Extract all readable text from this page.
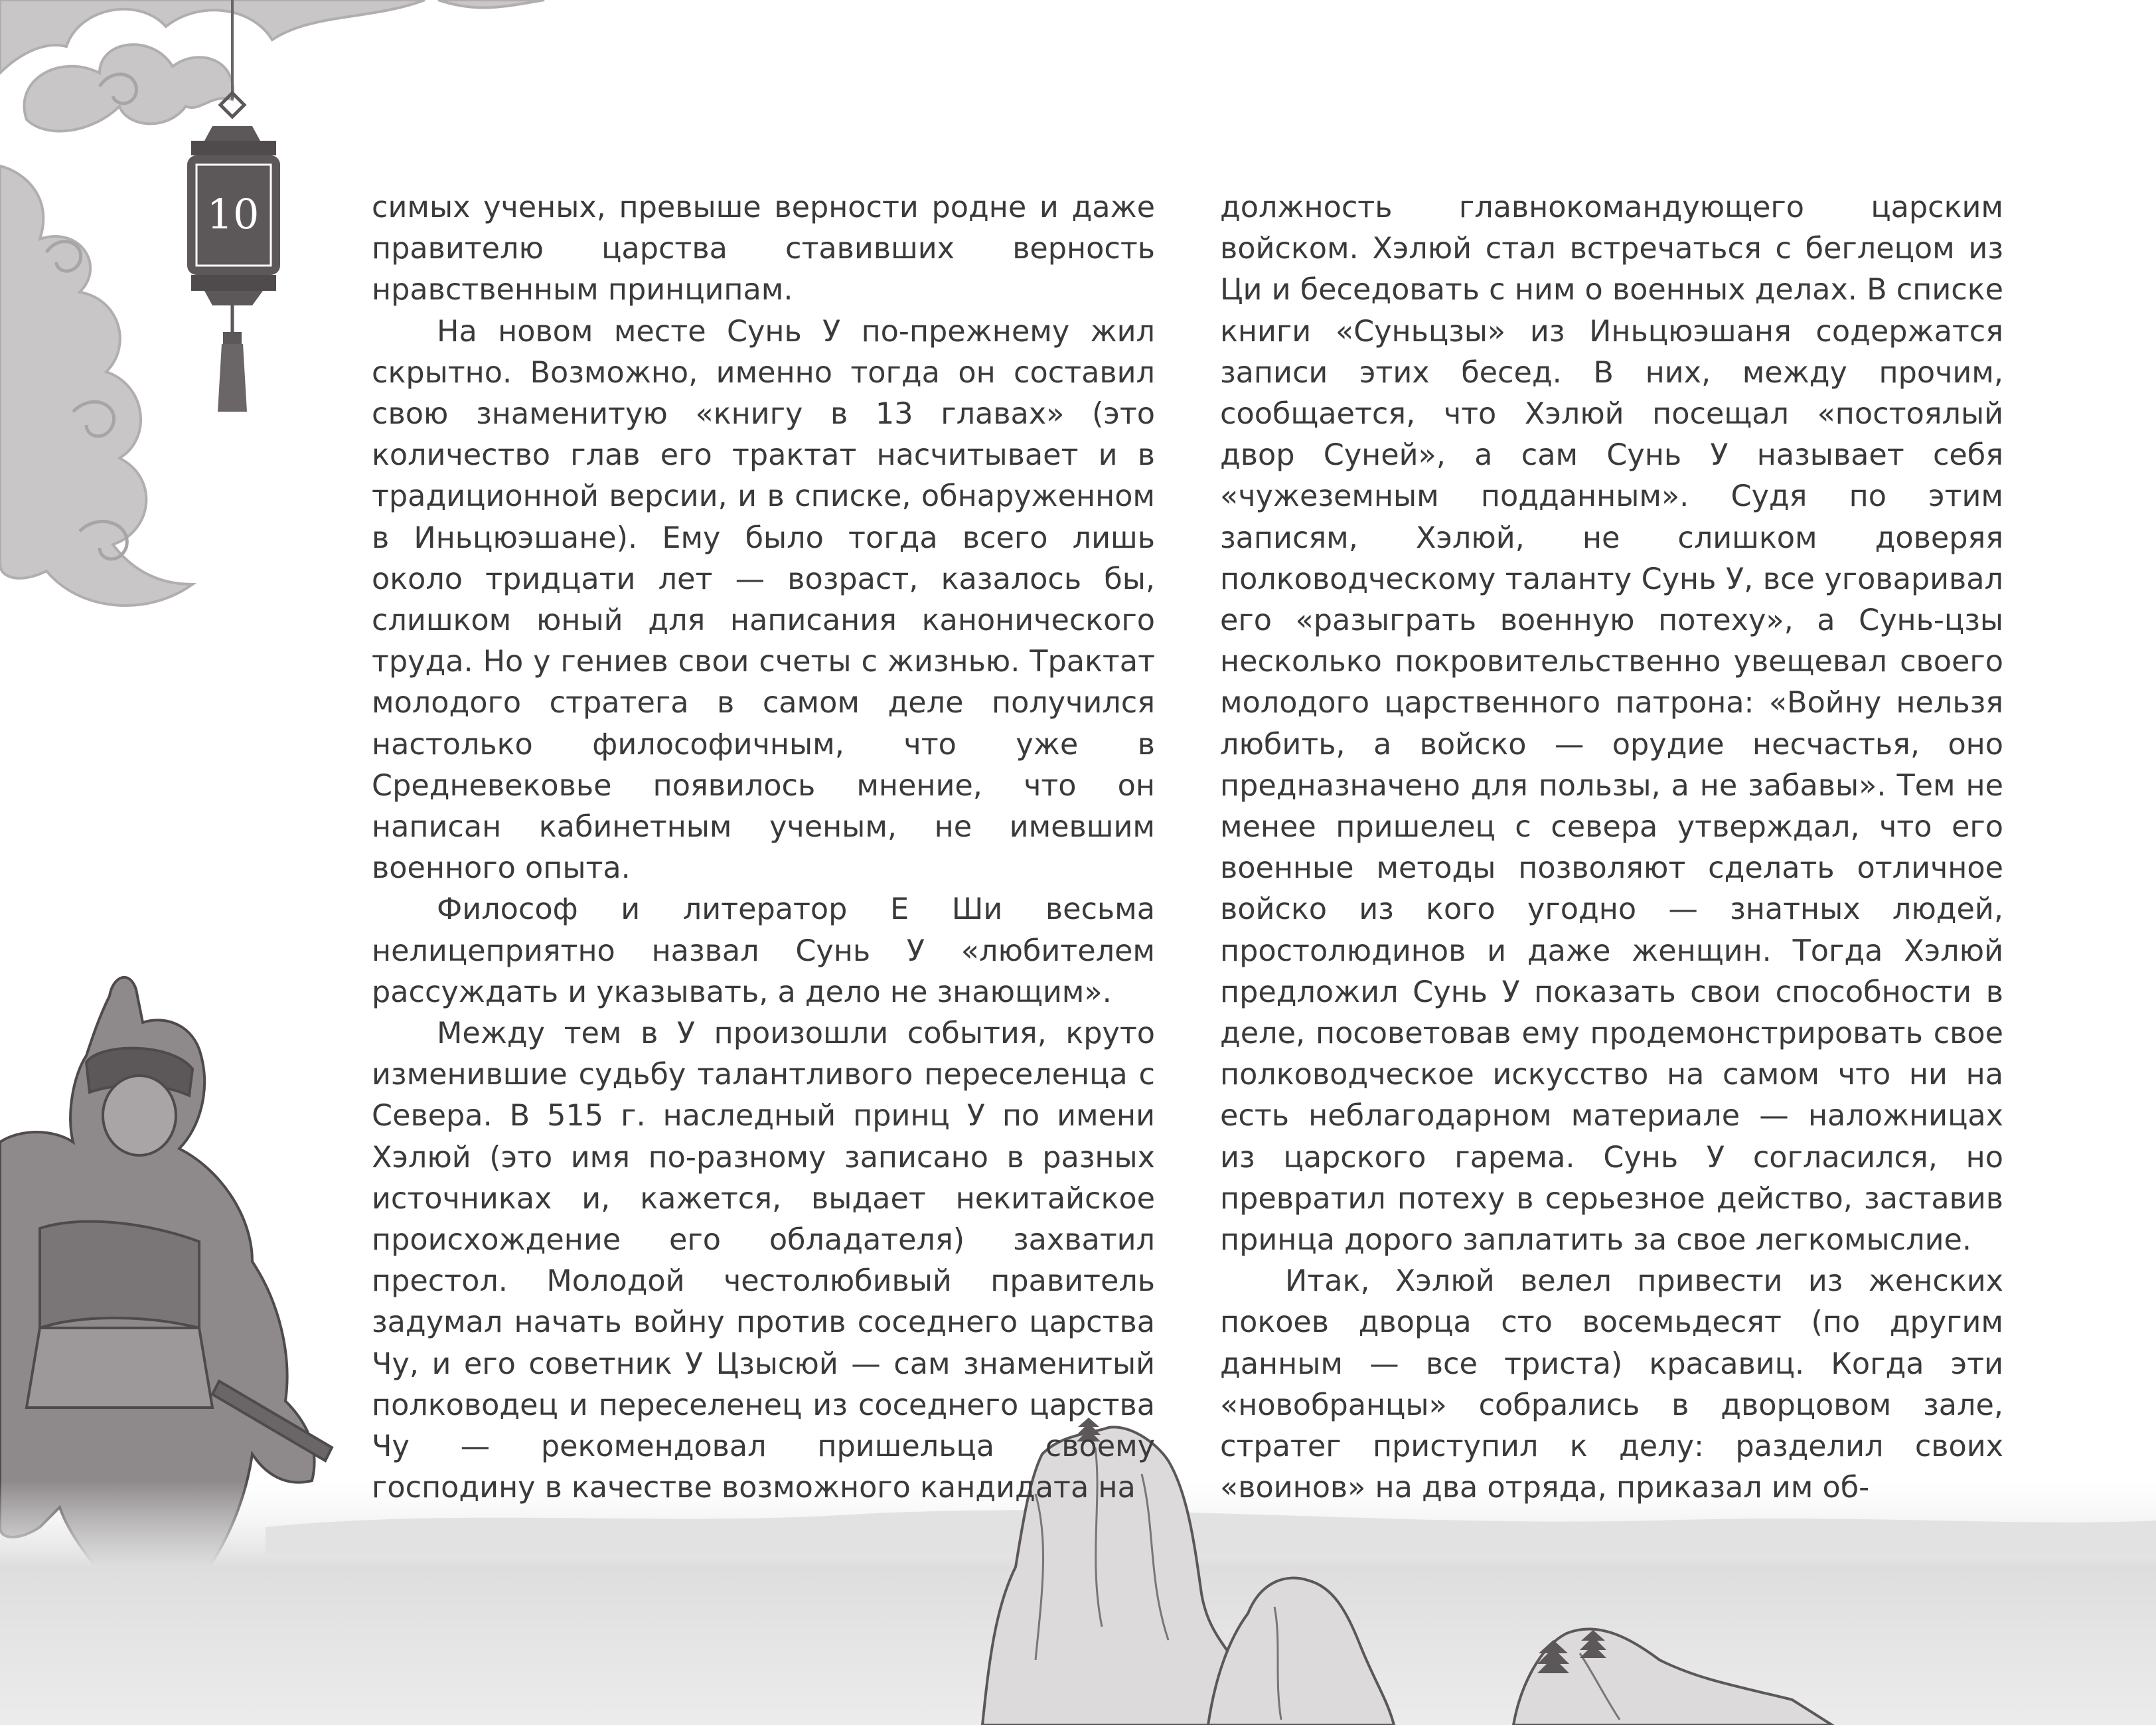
10	симых ученых, превыше верности родне и даже правителю царства ставивших верность нравственным принципам.

На новом месте Сунь У по-прежнему жил скрытно. Возможно, именно тогда он составил свою знаменитую «книгу в 13 главах» (это количество глав его трактат насчитывает и в традиционной версии, и в списке, обнаруженном в Иньцюэшане). Ему было тогда всего лишь около тридцати лет — возраст, казалось бы, слишком юный для написания канонического труда. Но у гениев свои счеты с жизнью. Трактат молодого стратега в самом деле получился настолько философичным, что уже в Средневековье появилось мнение, что он написан кабинетным ученым, не имевшим военного опыта.

Философ и литератор Е Ши весьма нелицеприятно назвал Сунь У «любителем рассуждать и указывать, а дело не знающим».

Между тем в У произошли события, круто изменившие судьбу талантливого переселенца с Севера. В 515 г. наследный принц У по имени Хэлюй (это имя по-разному записано в разных источниках и, кажется, выдает некитайское происхождение его обладателя) захватил престол. Молодой честолюбивый правитель задумал начать войну против соседнего царства Чу, и его советник У Цзысюй — сам знаменитый полководец и переселенец из соседнего царства Чу — рекомендовал пришельца своему господину в качестве возможного кандидата на

должность главнокомандующего царским войском. Хэлюй стал встречаться с беглецом из Ци и беседовать с ним о военных делах. В списке книги «Суньцзы» из Иньцюэшаня содержатся записи этих бесед. В них, между прочим, сообщается, что Хэлюй посещал «постоялый двор Суней», а сам Сунь У называет себя «чужеземным подданным». Судя по этим записям, Хэлюй, не слишком доверяя полководческому таланту Сунь У, все уговаривал его «разыграть военную потеху», а Сунь-цзы несколько покровительственно увещевал своего молодого царственного патрона: «Войну нельзя любить, а войско — орудие несчастья, оно предназначено для пользы, а не забавы». Тем не менее пришелец с севера утверждал, что его военные методы позволяют сделать отличное войско из кого угодно — знатных людей, простолюдинов и даже женщин. Тогда Хэлюй предложил Сунь У показать свои способности в деле, посоветовав ему продемонстрировать свое полководческое искусство на самом что ни на есть неблагодарном материале — наложницах из царского гарема. Сунь У согласился, но превратил потеху в серьезное действо, заставив принца дорого заплатить за свое легкомыслие.

Итак, Хэлюй велел привести из женских покоев дворца сто восемьдесят (по другим данным — все триста) красавиц. Когда эти «новобранцы» собрались в дворцовом зале, стратег приступил к делу: разделил своих «воинов» на два отряда, приказал им об-
